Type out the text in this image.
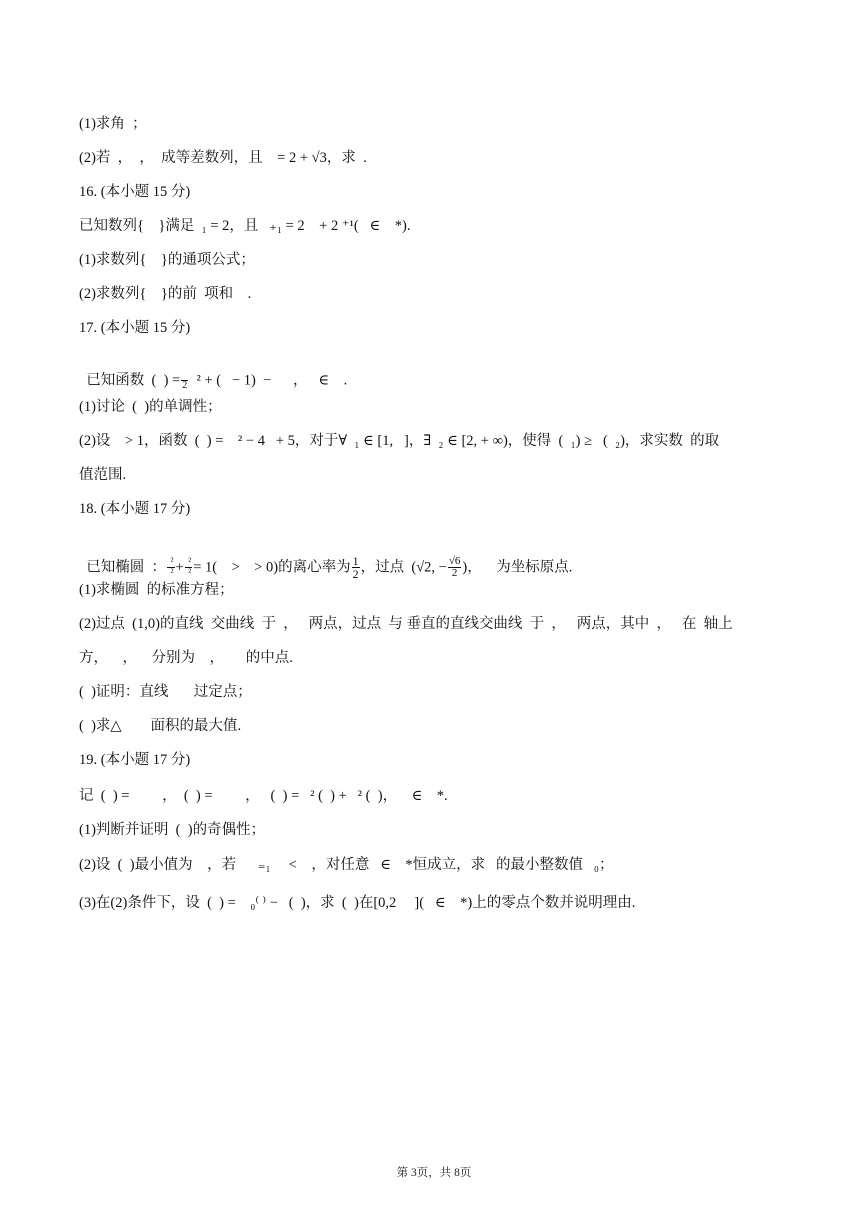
(1)求角  ；
(2)若  ，  ，  成等差数列，且    = 2 + √3，求  .
16. (本小题 15 分)
已知数列{    }满足  ₁ = 2，且   ₊₁ = 2    + 2 ⁺¹(   ∈    *).
(1)求数列{    }的通项公式；
(2)求数列{    }的前  项和    .
17. (本小题 15 分)

已知函数  (  ) =
2 ² + (   − 1)  −      ，   ∈    .

(1)讨论  (  )的单调性；
(2)设    > 1，函数  (  ) =    ² − 4   + 5，对于∀  ₁ ∈ [1,   ]，∃  ₂ ∈ [2, + ∞)，使得  (  ₁) ≥   (  ₂)，求实数  的取
值范围.
18. (本小题 17 分)

已知椭圆  ： $\frac{\text{²}}{\text{²}} + \frac{\text{²}}{\text{²}} = 1$(    >    > 0)的离心率为 $\frac{1}{2}$ ，过点  (√2, − $\frac{√6}{2}$ )，    为坐标原点.

(1)求椭圆  的标准方程；
(2)过点  (1,0)的直线  交曲线  于  ，   两点，过点  与 垂直的直线交曲线  于  ，   两点，其中  ，   在  轴上
方，    ，    分别为    ，      的中点.
(  )证明：直线       过定点；
(  )求△        面积的最大值.
19. (本小题 17 分)
记  (  ) =         ，  (  ) =         ，   (  ) =   ² (  ) +   ² (  )，    ∈    *.
(1)判断并证明  (  )的奇偶性；
(2)设  (  )最小值为    ，若      ₌₁     <    ，对任意   ∈    *恒成立，求   的最小整数值   ₀；
(3)在(2)条件下，设  (  ) =    ₀⁽ ⁾ −   (  )，求  (  )在[0,2     ](   ∈    *)上的零点个数并说明理由.
第 3页，共 8页
